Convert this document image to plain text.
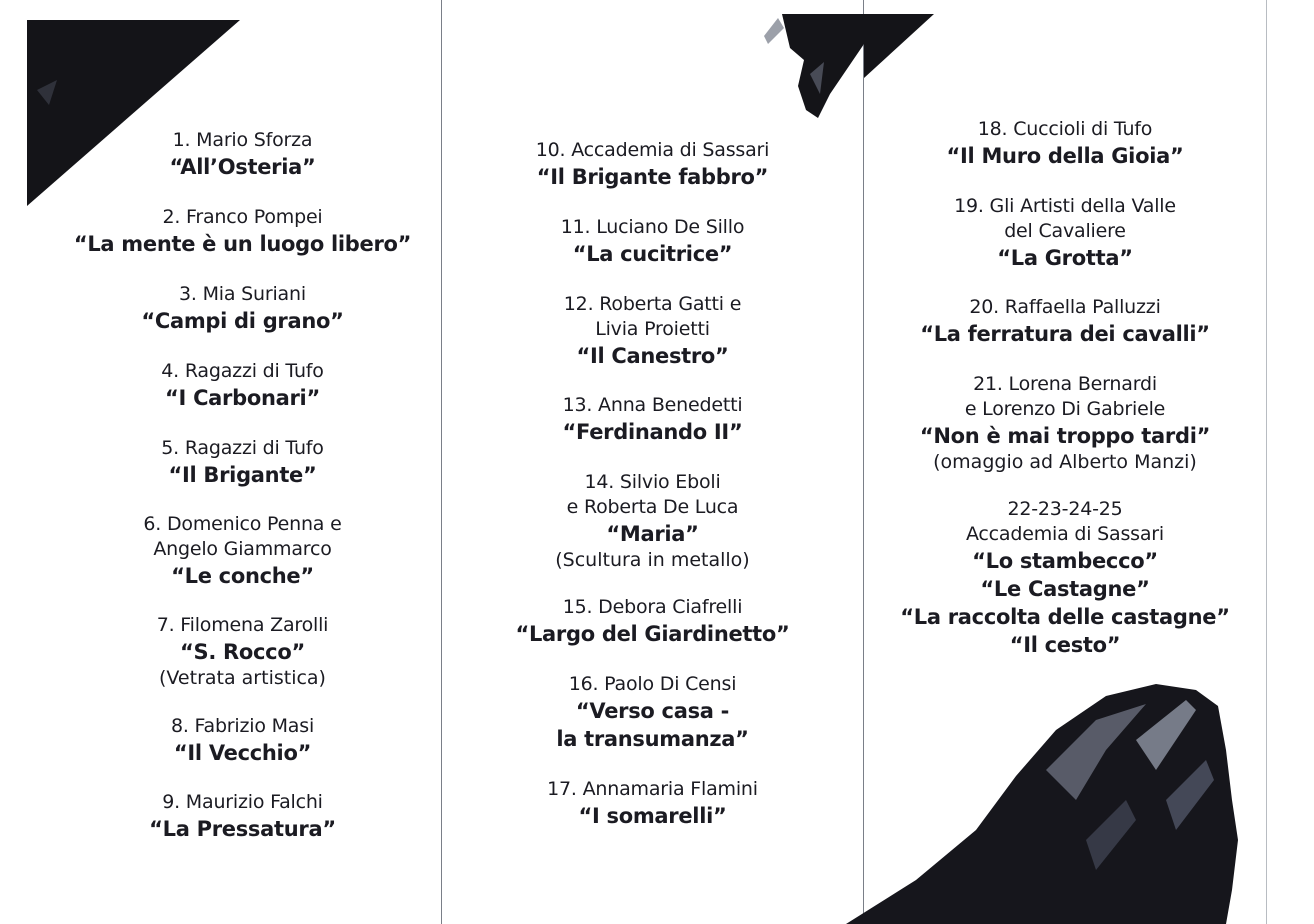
1. Mario Sforza
“All’Osteria”
2. Franco Pompei
“La mente è un luogo libero”
3. Mia Suriani
“Campi di grano”
4. Ragazzi di Tufo
“I Carbonari”
5. Ragazzi di Tufo
“Il Brigante”
6. Domenico Penna e
Angelo Giammarco
“Le conche”
7. Filomena Zarolli
“S. Rocco”
(Vetrata artistica)
8. Fabrizio Masi
“Il Vecchio”
9. Maurizio Falchi
“La Pressatura”
10. Accademia di Sassari
“Il Brigante fabbro”
11. Luciano De Sillo
“La cucitrice”
12. Roberta Gatti e
Livia Proietti
“Il Canestro”
13. Anna Benedetti
“Ferdinando II”
14. Silvio Eboli
e Roberta De Luca
“Maria”
(Scultura in metallo)
15. Debora Ciafrelli
“Largo del Giardinetto”
16. Paolo Di Censi
“Verso casa -
la transumanza”
17. Annamaria Flamini
“I somarelli”
18. Cuccioli di Tufo
“Il Muro della Gioia”
19. Gli Artisti della Valle
del Cavaliere
“La Grotta”
20. Raffaella Palluzzi
“La ferratura dei cavalli”
21. Lorena Bernardi
e Lorenzo Di Gabriele
“Non è mai troppo tardi”
(omaggio ad Alberto Manzi)
22-23-24-25
Accademia di Sassari
“Lo stambecco”
“Le Castagne”
“La raccolta delle castagne”
“Il cesto”
